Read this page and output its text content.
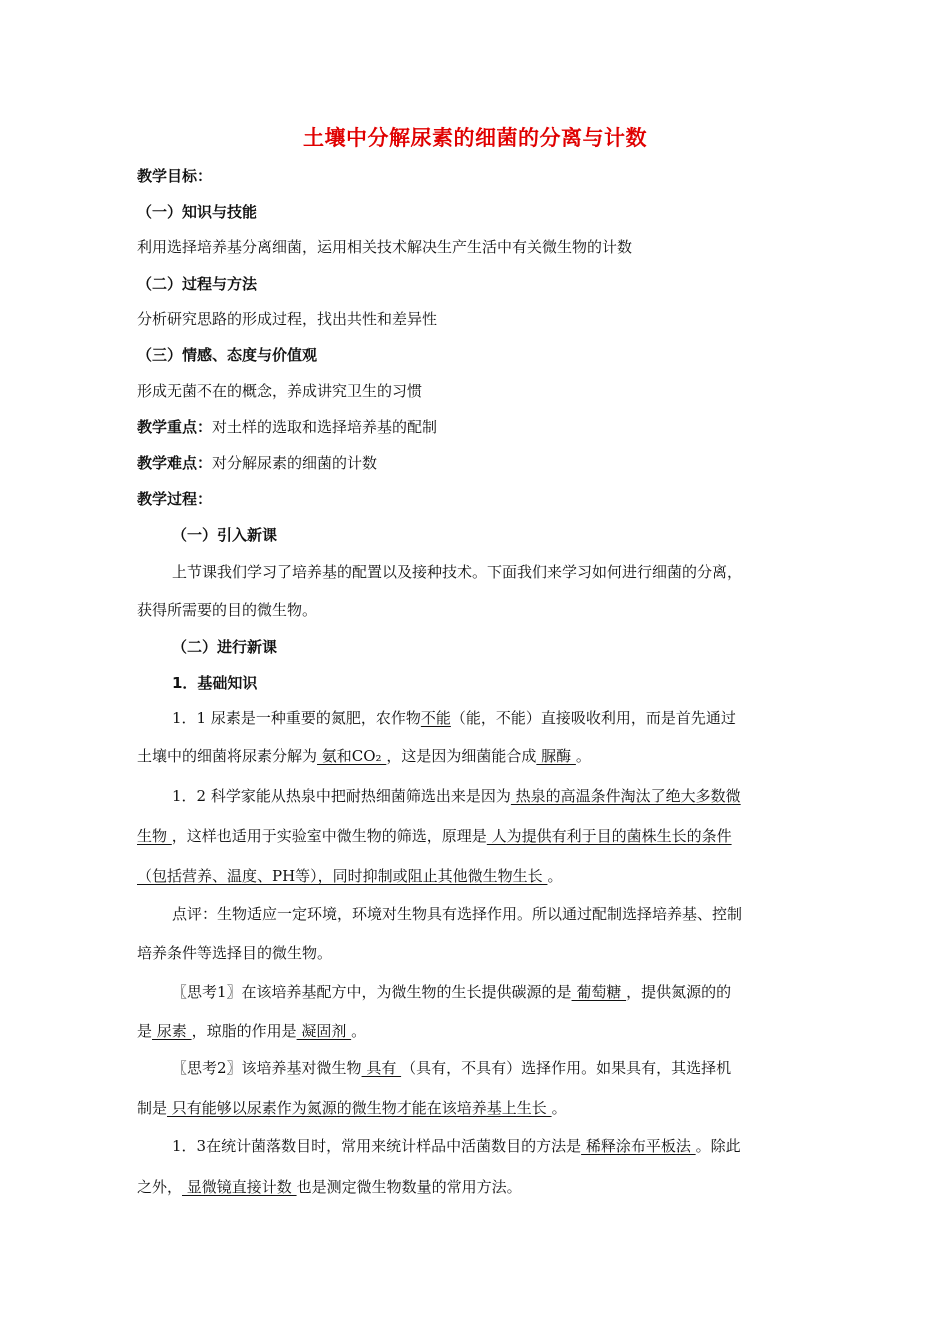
土壤中分解尿素的细菌的分离与计数
教学目标：
（一）知识与技能
利用选择培养基分离细菌，运用相关技术解决生产生活中有关微生物的计数
（二）过程与方法
分析研究思路的形成过程，找出共性和差异性
（三）情感、态度与价值观
形成无菌不在的概念，养成讲究卫生的习惯
教学重点：对土样的选取和选择培养基的配制
教学难点：对分解尿素的细菌的计数
教学过程：
（一）引入新课
上节课我们学习了培养基的配置以及接种技术。下面我们来学习如何进行细菌的分离，
获得所需要的目的微生物。
（二）进行新课
1．基础知识
1．1 尿素是一种重要的氮肥，农作物不能（能，不能）直接吸收利用，而是首先通过
土壤中的细菌将尿素分解为 氨和CO₂ ，这是因为细菌能合成 脲酶 。
1．2 科学家能从热泉中把耐热细菌筛选出来是因为 热泉的高温条件淘汰了绝大多数微
生物 ，这样也适用于实验室中微生物的筛选，原理是 人为提供有利于目的菌株生长的条件
（包括营养、温度、PH等），同时抑制或阻止其他微生物生长 。
点评：生物适应一定环境，环境对生物具有选择作用。所以通过配制选择培养基、控制
培养条件等选择目的微生物。
〖思考1〗在该培养基配方中，为微生物的生长提供碳源的是 葡萄糖 ，提供氮源的的
是 尿素 ，琼脂的作用是 凝固剂 。
〖思考2〗该培养基对微生物 具有 （具有，不具有）选择作用。如果具有，其选择机
制是 只有能够以尿素作为氮源的微生物才能在该培养基上生长 。
1．3在统计菌落数目时，常用来统计样品中活菌数目的方法是 稀释涂布平板法 。除此
之外， 显微镜直接计数 也是测定微生物数量的常用方法。
